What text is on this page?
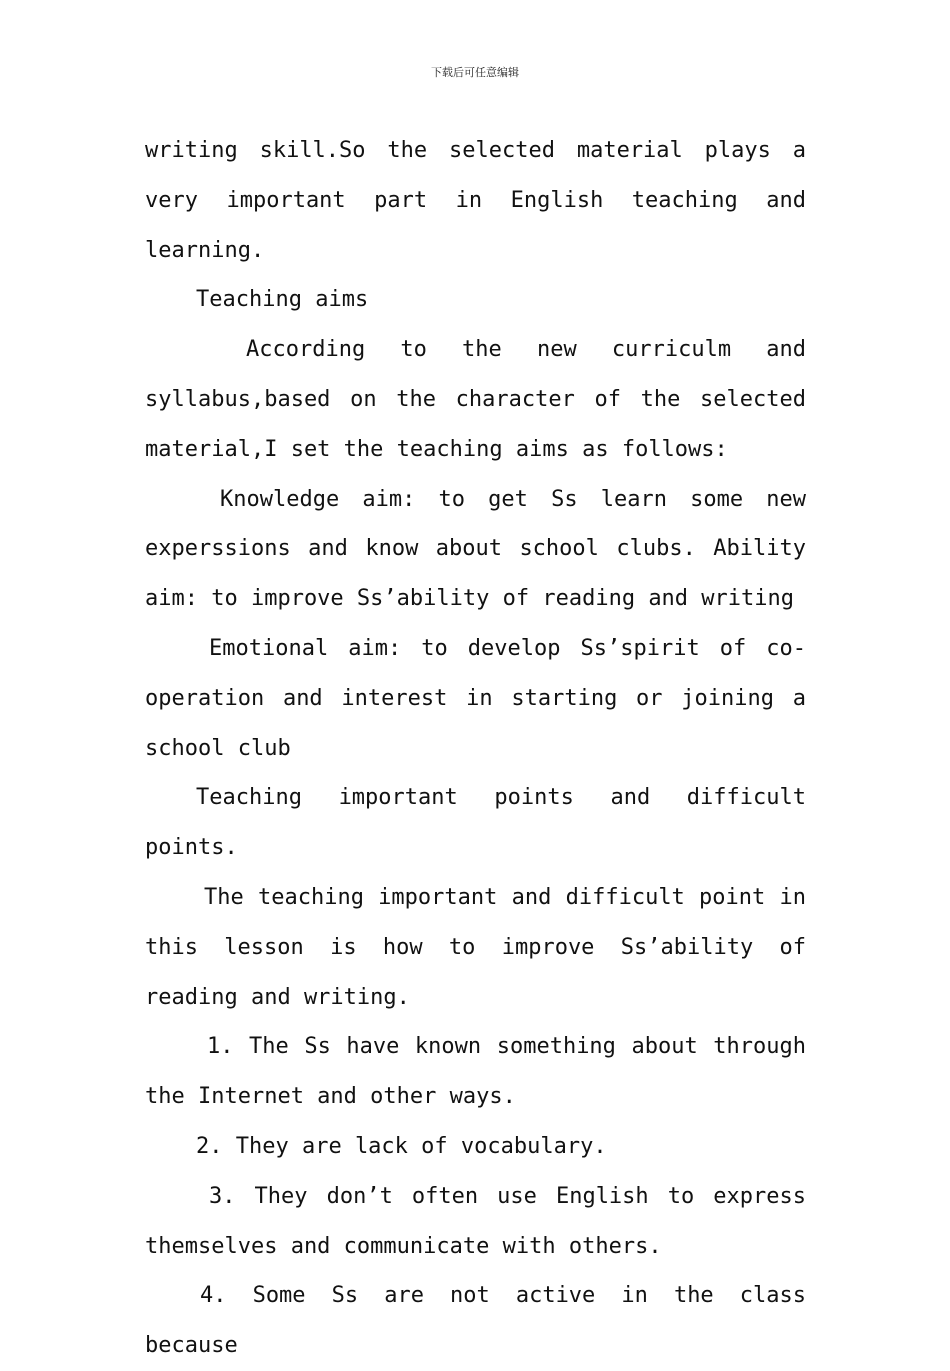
下载后可任意编辑

writing skill.So the selected material plays a very important part in English teaching and learning.

Teaching aims

According to the new curriculm and syllabus,based on the character of the selected material,I set the teaching aims as follows:

Knowledge aim: to get Ss learn some new experssions and know about school clubs. Ability aim: to improve Ss’ability of reading and writing

Emotional aim: to develop Ss’spirit of co-operation and interest in starting or joining a school club

Teaching important points and difficult points.

The teaching important and difficult point in this lesson is how to improve Ss’ability of reading and writing.

1. The Ss have known something about through the Internet and other ways.

2. They are lack of vocabulary.

3. They don’t often use English to express themselves and communicate with others.

4. Some Ss are not active in the class because
